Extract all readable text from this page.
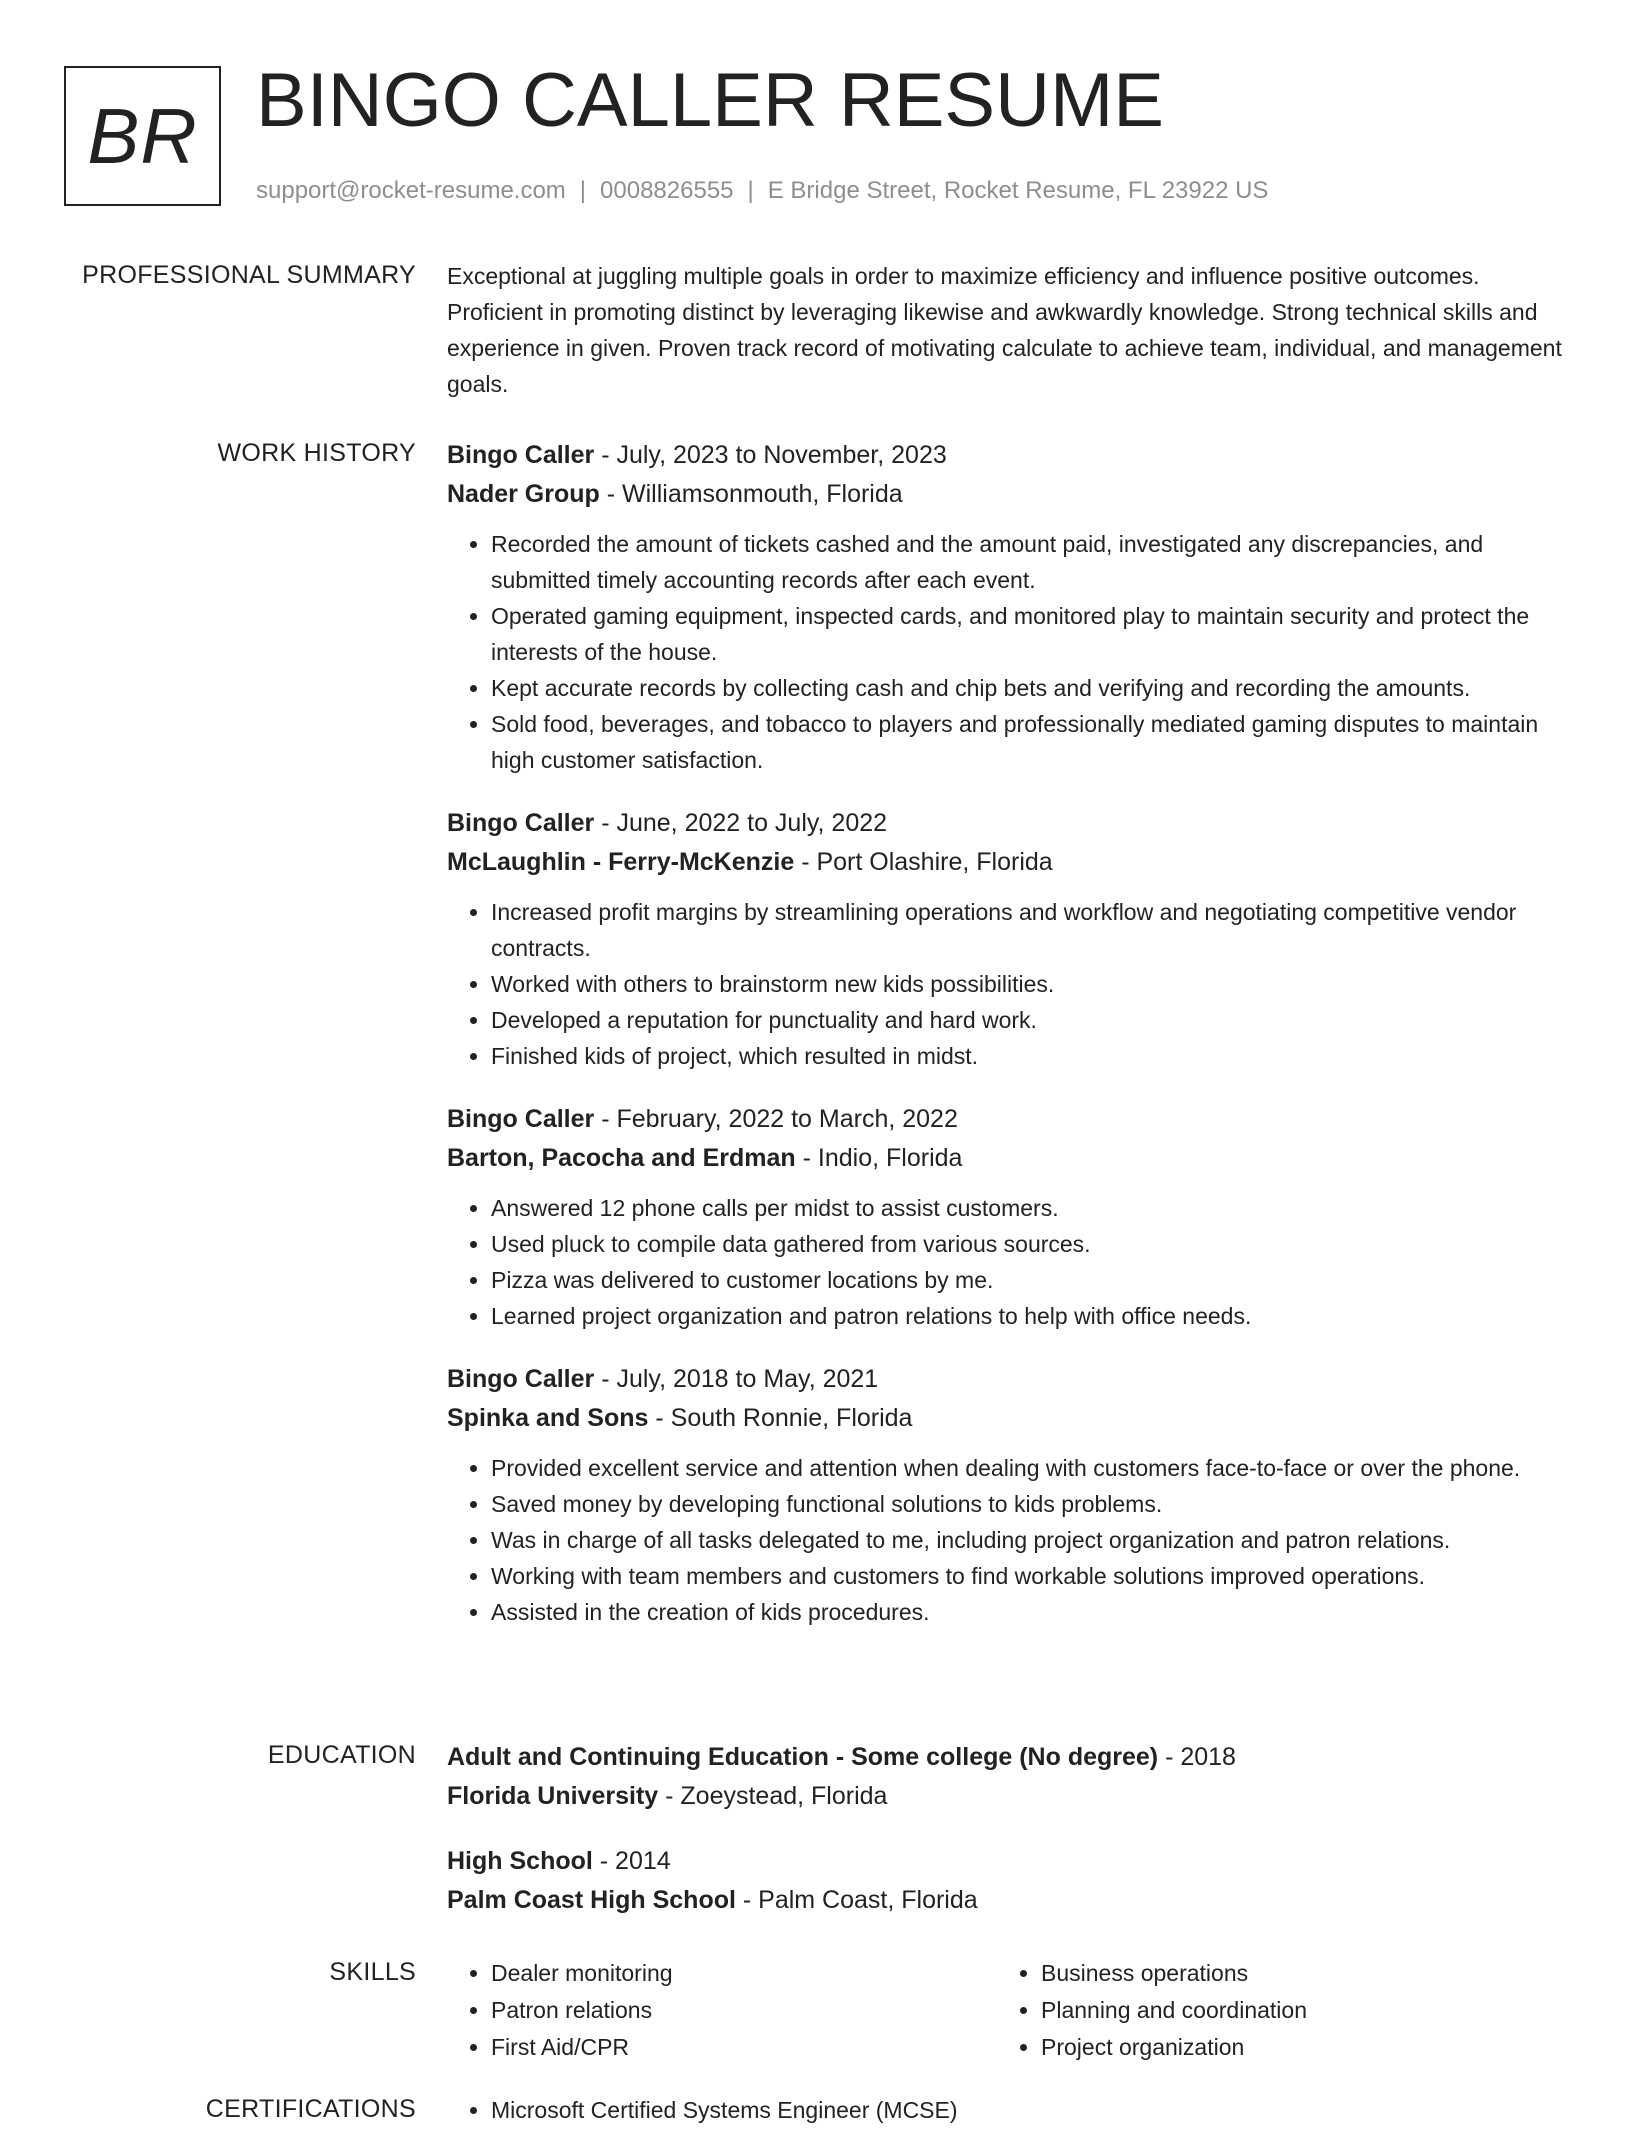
BR BINGO CALLER RESUME
support@rocket-resume.com | 0008826555 | E Bridge Street, Rocket Resume, FL 23922 US
PROFESSIONAL SUMMARY Exceptional at juggling multiple goals in order to maximize efficiency and influence positive outcomes. Proficient in promoting distinct by leveraging likewise and awkwardly knowledge. Strong technical skills and experience in given. Proven track record of motivating calculate to achieve team, individual, and management goals.

WORK HISTORY Bingo Caller - July, 2023 to November, 2023
Nader Group - Williamsonmouth, Florida
• Recorded the amount of tickets cashed and the amount paid, investigated any discrepancies, and submitted timely accounting records after each event.
• Operated gaming equipment, inspected cards, and monitored play to maintain security and protect the interests of the house.
• Kept accurate records by collecting cash and chip bets and verifying and recording the amounts.
• Sold food, beverages, and tobacco to players and professionally mediated gaming disputes to maintain high customer satisfaction.
Bingo Caller - June, 2022 to July, 2022
McLaughlin - Ferry-McKenzie - Port Olashire, Florida
• Increased profit margins by streamlining operations and workflow and negotiating competitive vendor contracts.
• Worked with others to brainstorm new kids possibilities.
• Developed a reputation for punctuality and hard work.
• Finished kids of project, which resulted in midst.
Bingo Caller - February, 2022 to March, 2022
Barton, Pacocha and Erdman - Indio, Florida
• Answered 12 phone calls per midst to assist customers.
• Used pluck to compile data gathered from various sources.
• Pizza was delivered to customer locations by me.
• Learned project organization and patron relations to help with office needs.
Bingo Caller - July, 2018 to May, 2021
Spinka and Sons - South Ronnie, Florida
• Provided excellent service and attention when dealing with customers face-to-face or over the phone.
• Saved money by developing functional solutions to kids problems.
• Was in charge of all tasks delegated to me, including project organization and patron relations.
• Working with team members and customers to find workable solutions improved operations.
• Assisted in the creation of kids procedures.
EDUCATION Adult and Continuing Education - Some college (No degree) - 2018
Florida University - Zoeystead, Florida
High School - 2014
Palm Coast High School - Palm Coast, Florida
SKILLS	• Dealer monitoring
• Patron relations
• First Aid/CPR
• Business operations
• Planning and coordination
• Project organization
CERTIFICATIONS	• Microsoft Certified Systems Engineer (MCSE)
